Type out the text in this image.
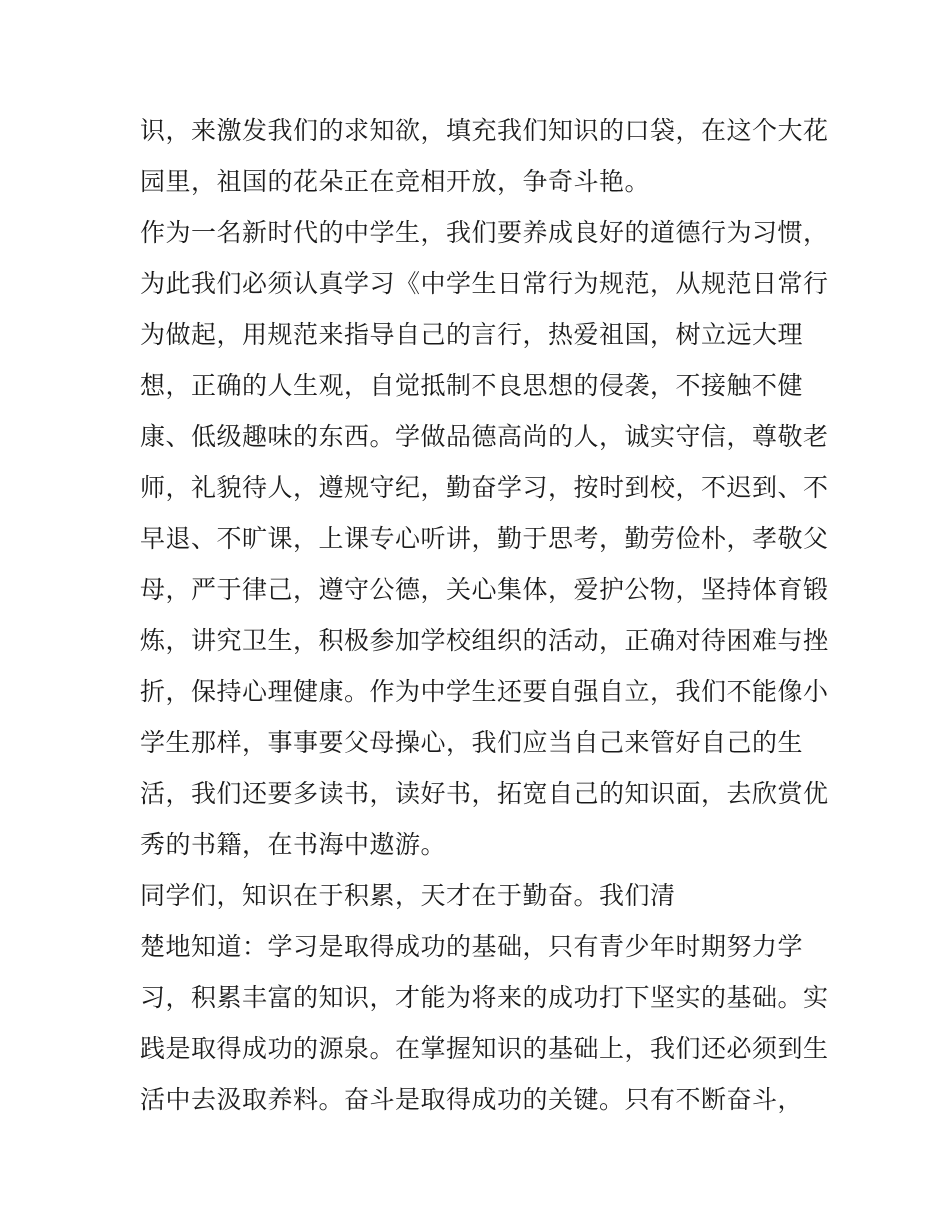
识，来激发我们的求知欲，填充我们知识的口袋，在这个大花
园里，祖国的花朵正在竞相开放，争奇斗艳。
作为一名新时代的中学生，我们要养成良好的道德行为习惯，
为此我们必须认真学习《中学生日常行为规范，从规范日常行
为做起，用规范来指导自己的言行，热爱祖国，树立远大理
想，正确的人生观，自觉抵制不良思想的侵袭，不接触不健
康、低级趣味的东西。学做品德高尚的人，诚实守信，尊敬老
师，礼貌待人，遵规守纪，勤奋学习，按时到校，不迟到、不
早退、不旷课，上课专心听讲，勤于思考，勤劳俭朴，孝敬父
母，严于律己，遵守公德，关心集体，爱护公物，坚持体育锻
炼，讲究卫生，积极参加学校组织的活动，正确对待困难与挫
折，保持心理健康。作为中学生还要自强自立，我们不能像小
学生那样，事事要父母操心，我们应当自己来管好自己的生
活，我们还要多读书，读好书，拓宽自己的知识面，去欣赏优
秀的书籍，在书海中遨游。
同学们，知识在于积累，天才在于勤奋。我们清
楚地知道：学习是取得成功的基础，只有青少年时期努力学
习，积累丰富的知识，才能为将来的成功打下坚实的基础。实
践是取得成功的源泉。在掌握知识的基础上，我们还必须到生
活中去汲取养料。奋斗是取得成功的关键。只有不断奋斗，
